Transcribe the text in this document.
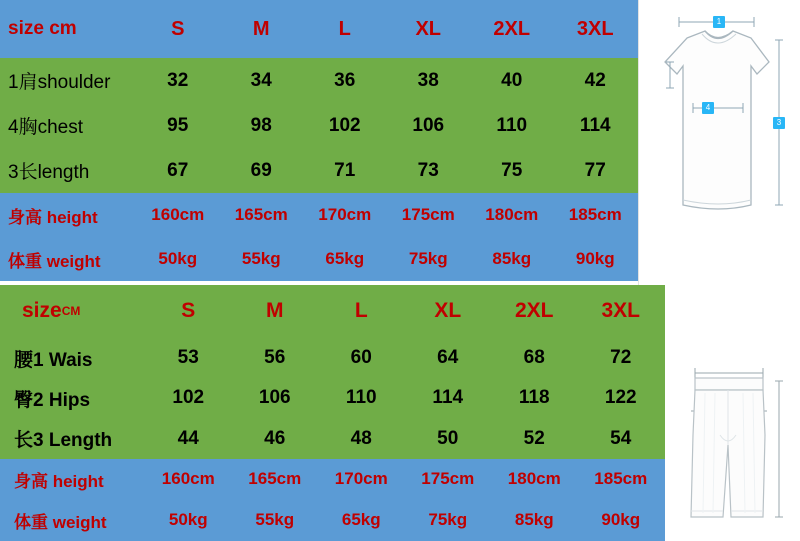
size cm	S	M	L	XL	2XL	3XL
1肩shoulder	32	34	36	38	40	42
4胸chest	95	98	102	106	110	114
3长length	67	69	71	73	75	77
身高 height	160cm	165cm	170cm	175cm	180cm	185cm
体重 weight	50kg	55kg	65kg	75kg	85kg	90kg
size CM	S	M	L	XL	2XL	3XL
腰1 Wais	53	56	60	64	68	72
臀2 Hips	102	106	110	114	118	122
长3 Length	44	46	48	50	52	54
身高 height	160cm	165cm	170cm	175cm	180cm	185cm
体重 weight	50kg	55kg	65kg	75kg	85kg	90kg
1
4
3
